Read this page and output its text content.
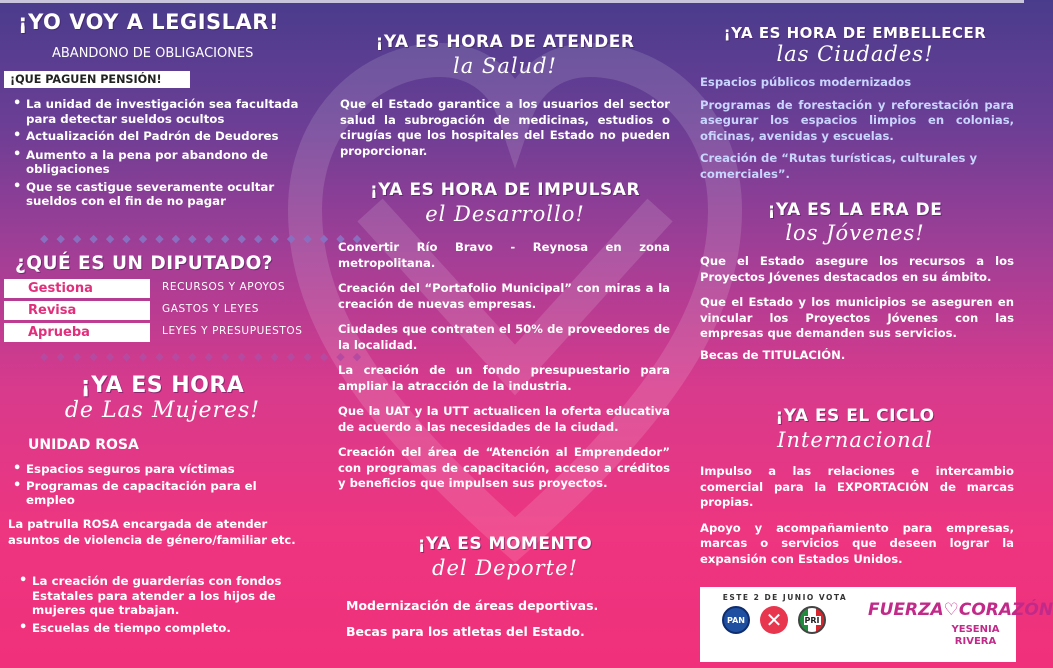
¡YO VOY A LEGISLAR!
ABANDONO DE OBLIGACIONES
¡QUE PAGUEN PENSIÓN!
• La unidad de investigación sea facultada para detectar sueldos ocultos
• Actualización del Padrón de Deudores
• Aumento a la pena por abandono de obligaciones
• Que se castigue severamente ocultar sueldos con el fin de no pagar
◆◆◆◆◆◆◆◆◆◆◆◆◆◆◆◆◆◆◆◆
¿QUÉ ES UN DIPUTADO?
Gestiona	RECURSOS Y APOYOS
Revisa	GASTOS Y LEYES
Aprueba	LEYES Y PRESUPUESTOS
◆◆◆◆◆◆◆◆◆◆◆◆◆◆◆◆◆◆◆◆
¡YA ES HORA
de Las Mujeres!
UNIDAD ROSA
• Espacios seguros para víctimas
• Programas de capacitación para el empleo
La patrulla ROSA encargada de atender asuntos de violencia de género/familiar etc.
• La creación de guarderías con fondos Estatales para atender a los hijos de mujeres que trabajan.
• Escuelas de tiempo completo.
¡YA ES HORA DE ATENDER
la Salud!
Que el Estado garantice a los usuarios del sector salud la subrogación de medicinas, estudios o cirugías que los hospitales del Estado no pueden proporcionar.
¡YA ES HORA DE IMPULSAR
el Desarrollo!
Convertir Río Bravo - Reynosa en zona metropolitana.
Creación del “Portafolio Municipal” con miras a la creación de nuevas empresas.
Ciudades que contraten el 50% de proveedores de la localidad.
La creación de un fondo presupuestario para ampliar la atracción de la industria.
Que la UAT y la UTT actualicen la oferta educativa de acuerdo a las necesidades de la ciudad.
Creación del área de “Atención al Emprendedor” con programas de capacitación, acceso a créditos y beneficios que impulsen sus proyectos.
¡YA ES MOMENTO
del Deporte!
Modernización de áreas deportivas.
Becas para los atletas del Estado.
¡YA ES HORA DE EMBELLECER
las Ciudades!
Espacios públicos modernizados
Programas de forestación y reforestación para asegurar los espacios limpios en colonias, oficinas, avenidas y escuelas.
Creación de “Rutas turísticas, culturales y comerciales”.
¡YA ES LA ERA DE
los Jóvenes!
Que el Estado asegure los recursos a los Proyectos Jóvenes destacados en su ámbito.
Que el Estado y los municipios se aseguren en vincular los Proyectos Jóvenes con las empresas que demanden sus servicios.
Becas de TITULACIÓN.
¡YA ES EL CICLO
Internacional
Impulso a las relaciones e intercambio comercial para la EXPORTACIÓN de marcas propias.
Apoyo y acompañamiento para empresas, marcas o servicios que deseen lograr la expansión con Estados Unidos.
ESTE 2 DE JUNIO VOTA
PAN ✕	PRI	FUERZA♡CORAZÓN
YESENIA
RIVERA
